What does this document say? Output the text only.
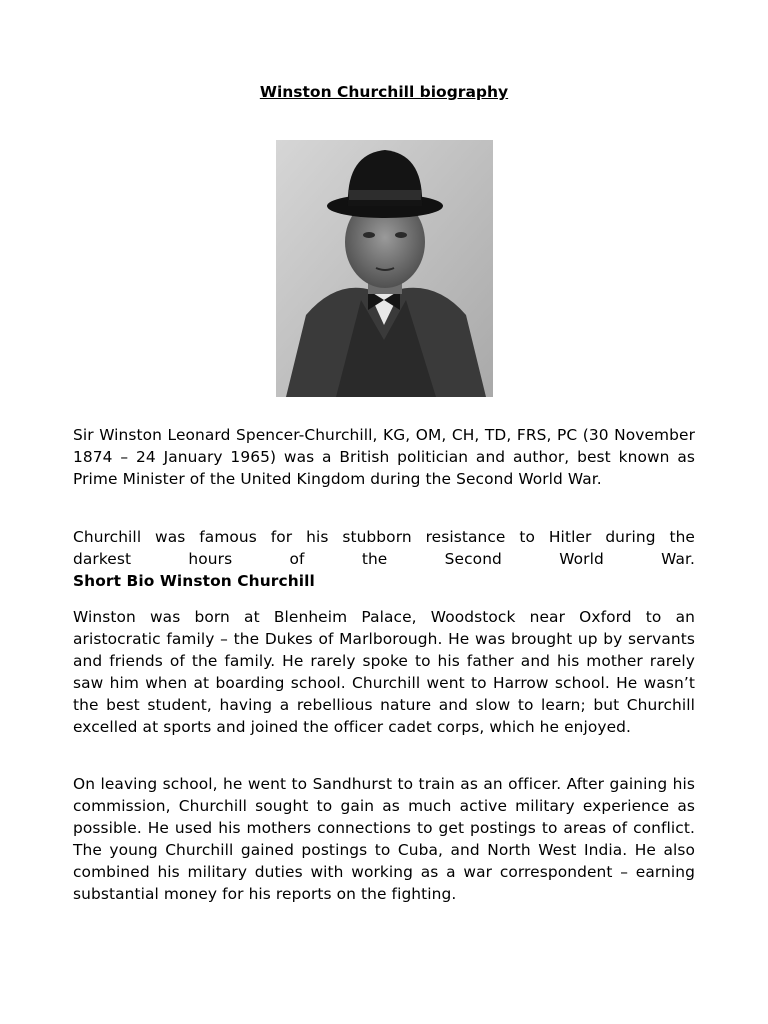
Winston Churchill biography

Sir Winston Leonard Spencer-Churchill, KG, OM, CH, TD, FRS, PC (30 November 1874 – 24 January 1965) was a British politician and author, best known as Prime Minister of the United Kingdom during the Second World War.

Churchill was famous for his stubborn resistance to Hitler during the
darkest hours of the Second World War.
Short Bio Winston Churchill

Winston was born at Blenheim Palace, Woodstock near Oxford to an aristocratic family – the Dukes of Marlborough. He was brought up by servants and friends of the family. He rarely spoke to his father and his mother rarely saw him when at boarding school. Churchill went to Harrow school. He wasn’t the best student, having a rebellious nature and slow to learn; but Churchill excelled at sports and joined the officer cadet corps, which he enjoyed.

On leaving school, he went to Sandhurst to train as an officer. After gaining his commission, Churchill sought to gain as much active military experience as possible. He used his mothers connections to get postings to areas of conflict. The young Churchill gained postings to Cuba, and North West India. He also combined his military duties with working as a war correspondent – earning substantial money for his reports on the fighting.
